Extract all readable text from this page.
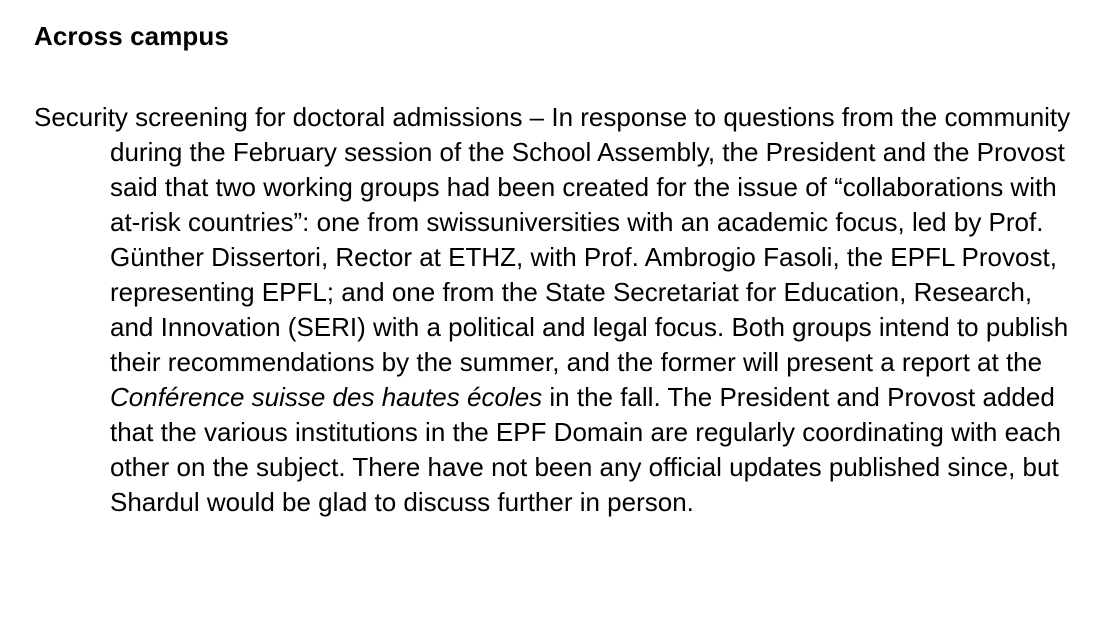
Across campus

Security screening for doctoral admissions – In response to questions from the community during the February session of the School Assembly, the President and the Provost said that two working groups had been created for the issue of “collaborations with at-risk countries”: one from swissuniversities with an academic focus, led by Prof. Günther Dissertori, Rector at ETHZ, with Prof. Ambrogio Fasoli, the EPFL Provost, representing EPFL; and one from the State Secretariat for Education, Research, and Innovation (SERI) with a political and legal focus. Both groups intend to publish their recommendations by the summer, and the former will present a report at the Conférence suisse des hautes écoles in the fall. The President and Provost added that the various institutions in the EPF Domain are regularly coordinating with each other on the subject. There have not been any official updates published since, but Shardul would be glad to discuss further in person.
